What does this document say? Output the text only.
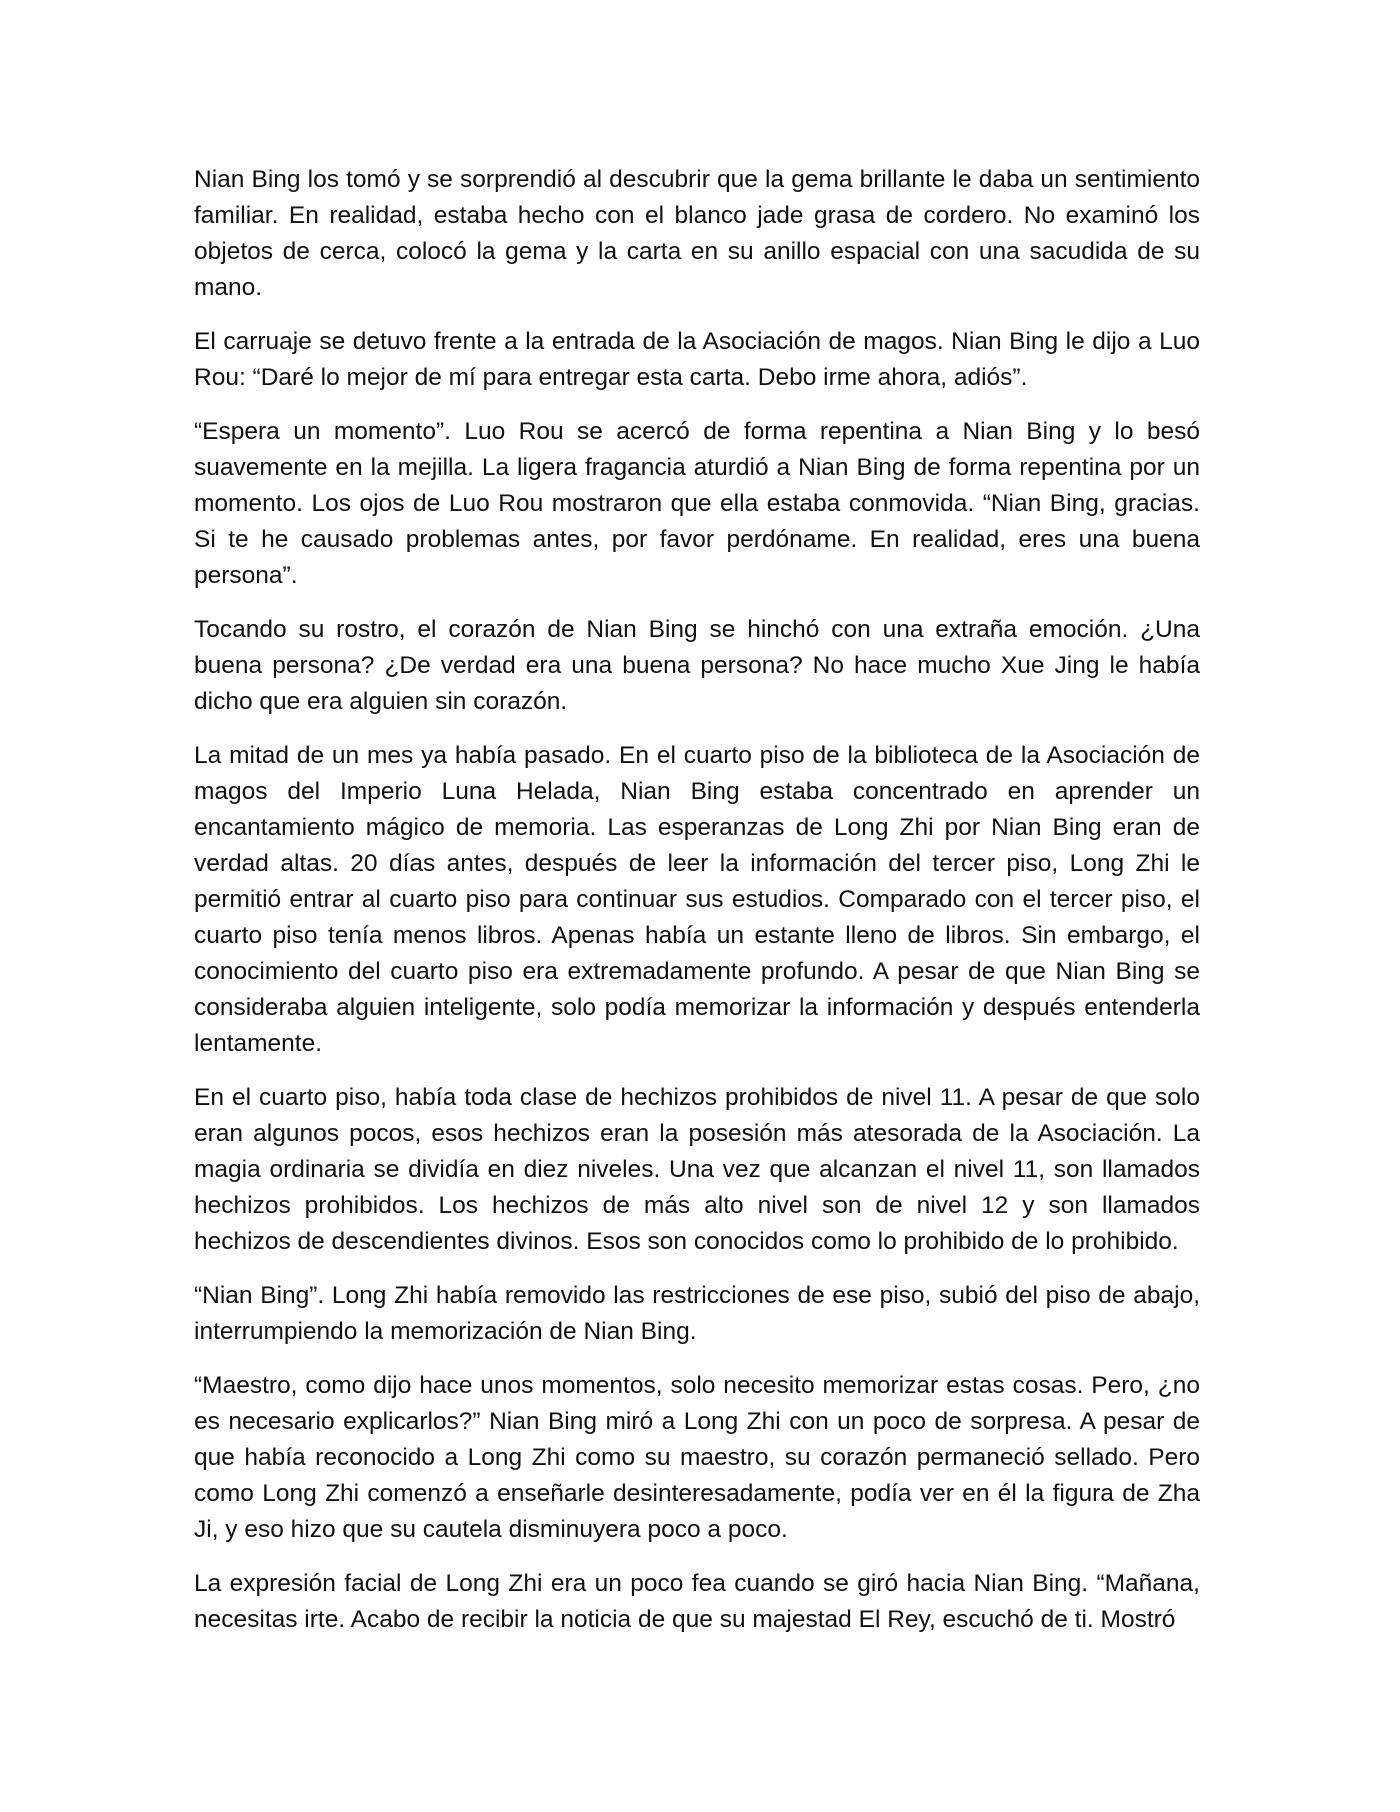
Nian Bing los tomó y se sorprendió al descubrir que la gema brillante le daba un sentimiento familiar. En realidad, estaba hecho con el blanco jade grasa de cordero. No examinó los objetos de cerca, colocó la gema y la carta en su anillo espacial con una sacudida de su mano.

El carruaje se detuvo frente a la entrada de la Asociación de magos. Nian Bing le dijo a Luo Rou: “Daré lo mejor de mí para entregar esta carta. Debo irme ahora, adiós”.

“Espera un momento”. Luo Rou se acercó de forma repentina a Nian Bing y lo besó suavemente en la mejilla. La ligera fragancia aturdió a Nian Bing de forma repentina por un momento. Los ojos de Luo Rou mostraron que ella estaba conmovida. “Nian Bing, gracias. Si te he causado problemas antes, por favor perdóname. En realidad, eres una buena persona”.

Tocando su rostro, el corazón de Nian Bing se hinchó con una extraña emoción. ¿Una buena persona? ¿De verdad era una buena persona? No hace mucho Xue Jing le había dicho que era alguien sin corazón.

La mitad de un mes ya había pasado. En el cuarto piso de la biblioteca de la Asociación de magos del Imperio Luna Helada, Nian Bing estaba concentrado en aprender un encantamiento mágico de memoria. Las esperanzas de Long Zhi por Nian Bing eran de verdad altas. 20 días antes, después de leer la información del tercer piso, Long Zhi le permitió entrar al cuarto piso para continuar sus estudios. Comparado con el tercer piso, el cuarto piso tenía menos libros. Apenas había un estante lleno de libros. Sin embargo, el conocimiento del cuarto piso era extremadamente profundo. A pesar de que Nian Bing se consideraba alguien inteligente, solo podía memorizar la información y después entenderla lentamente.

En el cuarto piso, había toda clase de hechizos prohibidos de nivel 11. A pesar de que solo eran algunos pocos, esos hechizos eran la posesión más atesorada de la Asociación. La magia ordinaria se dividía en diez niveles. Una vez que alcanzan el nivel 11, son llamados hechizos prohibidos. Los hechizos de más alto nivel son de nivel 12 y son llamados hechizos de descendientes divinos. Esos son conocidos como lo prohibido de lo prohibido.

“Nian Bing”. Long Zhi había removido las restricciones de ese piso, subió del piso de abajo, interrumpiendo la memorización de Nian Bing.

“Maestro, como dijo hace unos momentos, solo necesito memorizar estas cosas. Pero, ¿no es necesario explicarlos?” Nian Bing miró a Long Zhi con un poco de sorpresa. A pesar de que había reconocido a Long Zhi como su maestro, su corazón permaneció sellado. Pero como Long Zhi comenzó a enseñarle desinteresadamente, podía ver en él la figura de Zha Ji, y eso hizo que su cautela disminuyera poco a poco.

La expresión facial de Long Zhi era un poco fea cuando se giró hacia Nian Bing. “Mañana, necesitas irte. Acabo de recibir la noticia de que su majestad El Rey, escuchó de ti. Mostró
